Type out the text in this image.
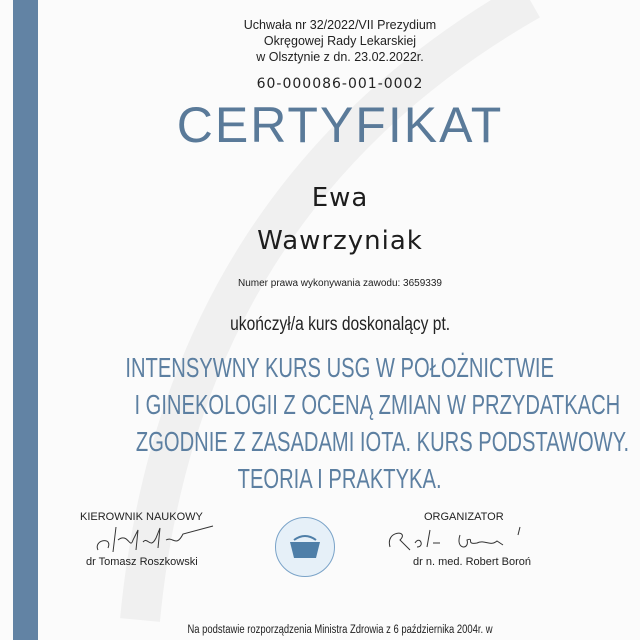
Uchwała nr 32/2022/VII Prezydium
Okręgowej Rady Lekarskiej
w Olsztynie z dn. 23.02.2022r.
60-000086-001-0002
CERTYFIKAT
Ewa
Wawrzyniak
Numer prawa wykonywania zawodu: 3659339
ukończył/a kurs doskonalący pt.
INTENSYWNY KURS USG W POŁOŻNICTWIE
I GINEKOLOGII Z OCENĄ ZMIAN W PRZYDATKACH
ZGODNIE Z ZASADAMI IOTA. KURS PODSTAWOWY.
TEORIA I PRAKTYKA.
KIEROWNIK NAUKOWY
dr Tomasz Roszkowski
ORGANIZATOR
dr n. med. Robert Boroń
Na podstawie rozporządzenia Ministra Zdrowia z 6 października 2004r. w
